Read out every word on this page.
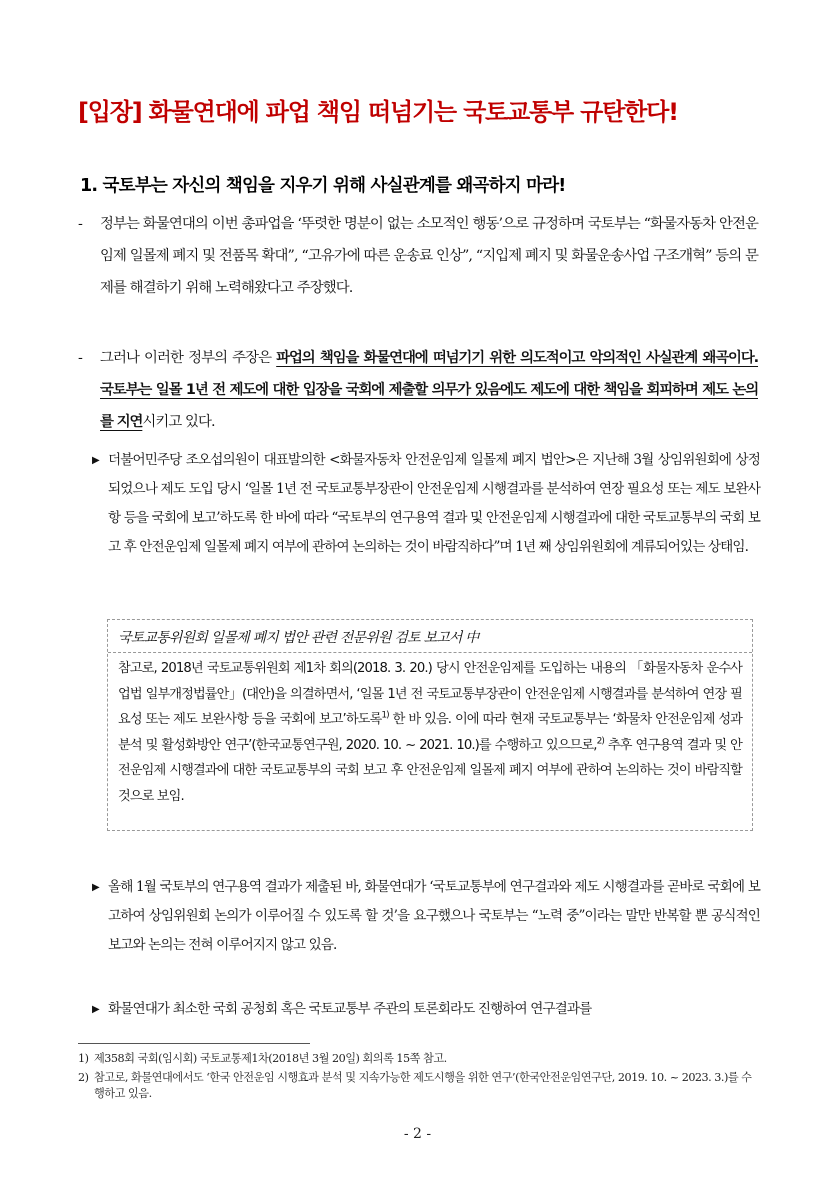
[입장] 화물연대에 파업 책임 떠넘기는 국토교통부 규탄한다!
1. 국토부는 자신의 책임을 지우기 위해 사실관계를 왜곡하지 마라!
-	정부는 화물연대의 이번 총파업을 ‘뚜렷한 명분이 없는 소모적인 행동’으로 규정하며 국토부는 “화물자동차 안전운임제 일몰제 폐지 및 전품목 확대”, “고유가에 따른 운송료 인상”, “지입제 폐지 및 화물운송사업 구조개혁” 등의 문제를 해결하기 위해 노력해왔다고 주장했다.
-	그러나 이러한 정부의 주장은 파업의 책임을 화물연대에 떠넘기기 위한 의도적이고 악의적인 사실관계 왜곡이다. 국토부는 일몰 1년 전 제도에 대한 입장을 국회에 제출할 의무가 있음에도 제도에 대한 책임을 회피하며 제도 논의를 지연시키고 있다.
▶ 더불어민주당 조오섭의원이 대표발의한 <화물자동차 안전운임제 일몰제 폐지 법안>은 지난해 3월 상임위원회에 상정되었으나 제도 도입 당시 ‘일몰 1년 전 국토교통부장관이 안전운임제 시행결과를 분석하여 연장 필요성 또는 제도 보완사항 등을 국회에 보고’하도록 한 바에 따라 “국토부의 연구용역 결과 및 안전운임제 시행결과에 대한 국토교통부의 국회 보고 후 안전운임제 일몰제 폐지 여부에 관하여 논의하는 것이 바람직하다”며 1년 째 상임위원회에 계류되어있는 상태임.
국토교통위원회 일몰제 폐지 법안 관련 전문위원 검토 보고서 中
참고로, 2018년 국토교통위원회 제1차 회의(2018. 3. 20.) 당시 안전운임제를 도입하는 내용의 「화물자동차 운수사업법 일부개정법률안」(대안)을 의결하면서, ‘일몰 1년 전 국토교통부장관이 안전운임제 시행결과를 분석하여 연장 필요성 또는 제도 보완사항 등을 국회에 보고’하도록$^{1)}$ 한 바 있음. 이에 따라 현재 국토교통부는 ‘화물차 안전운임제 성과분석 및 활성화방안 연구’(한국교통연구원, 2020. 10. ~ 2021. 10.)를 수행하고 있으므로,$^{2)}$ 추후 연구용역 결과 및 안전운임제 시행결과에 대한 국토교통부의 국회 보고 후 안전운임제 일몰제 폐지 여부에 관하여 논의하는 것이 바람직할 것으로 보임.
▶ 올해 1월 국토부의 연구용역 결과가 제출된 바, 화물연대가 ‘국토교통부에 연구결과와 제도 시행결과를 곧바로 국회에 보고하여 상임위원회 논의가 이루어질 수 있도록 할 것’을 요구했으나 국토부는 “노력 중”이라는 말만 반복할 뿐 공식적인 보고와 논의는 전혀 이루어지지 않고 있음.
▶ 화물연대가 최소한 국회 공청회 혹은 국토교통부 주관의 토론회라도 진행하여 연구결과를
1) 제358회 국회(임시회) 국토교통제1차(2018년 3월 20일) 회의록 15쪽 참고.
2) 참고로, 화물연대에서도 ‘한국 안전운임 시행효과 분석 및 지속가능한 제도시행을 위한 연구’(한국안전운임연구단, 2019. 10. ~ 2023. 3.)를 수행하고 있음.
- 2 -
